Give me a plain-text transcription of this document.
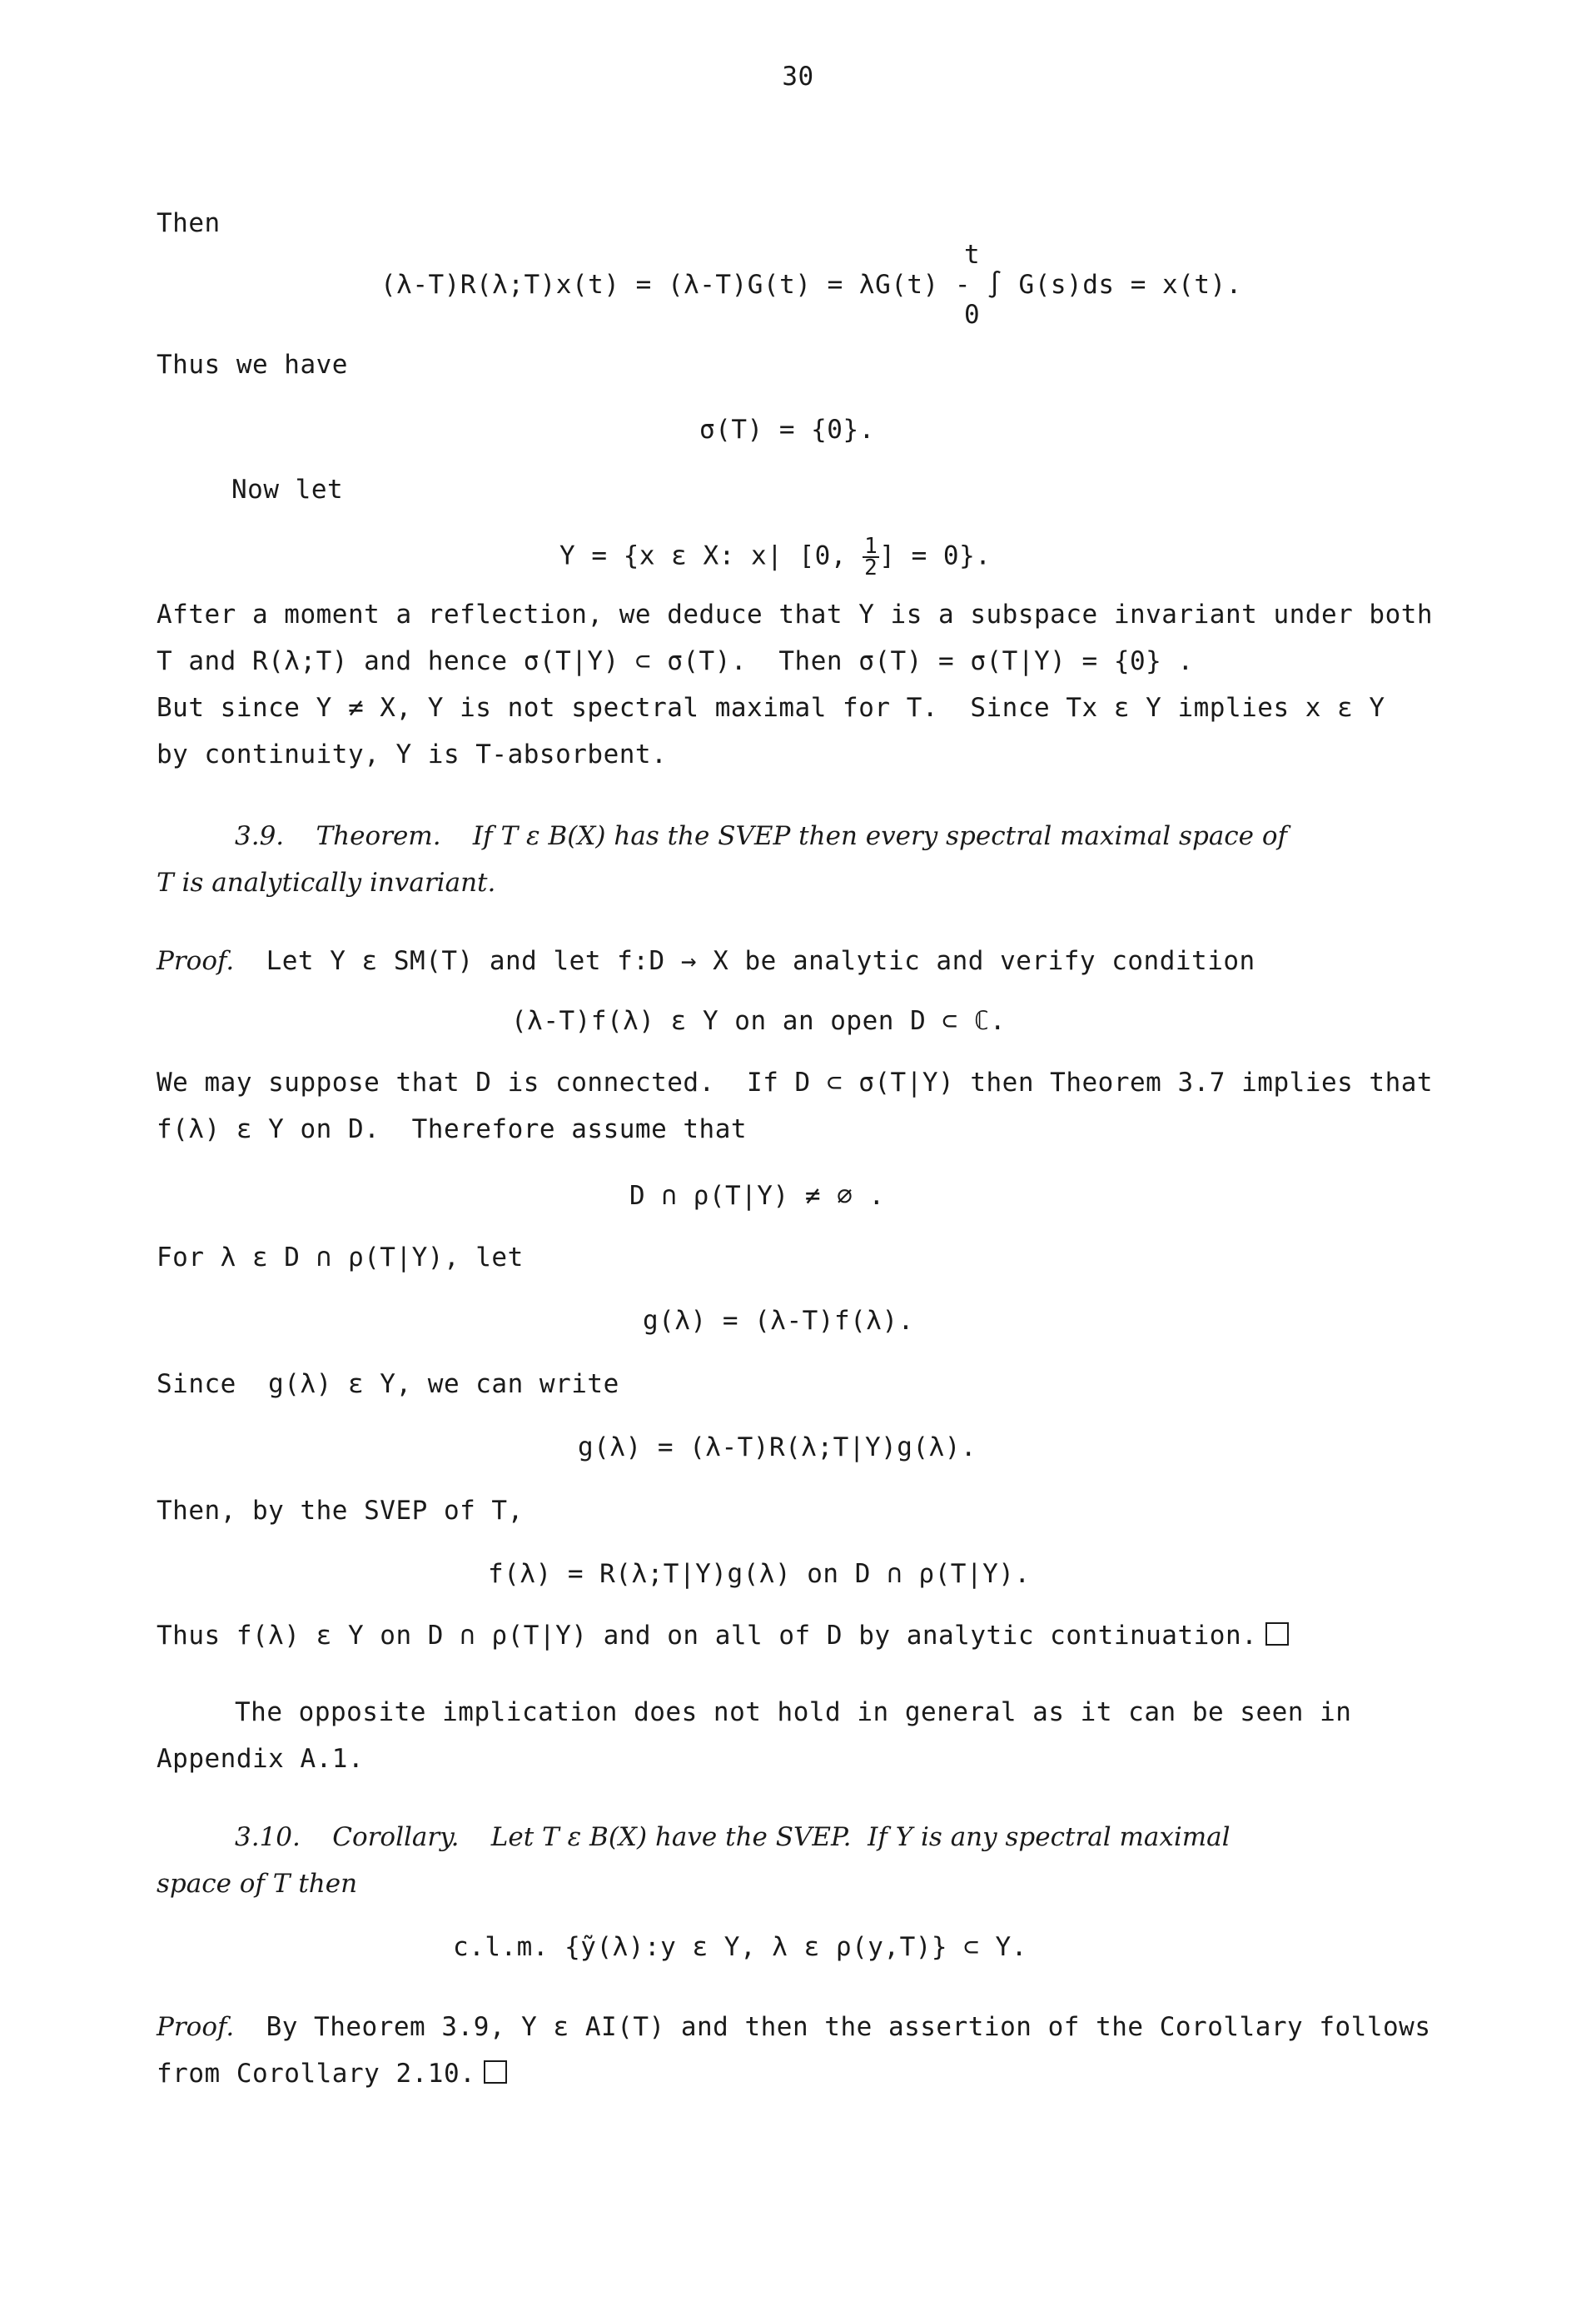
30
Then
t
(λ-T)R(λ;T)x(t) = (λ-T)G(t) = λG(t) - ∫ G(s)ds = x(t).
0
Thus we have
σ(T) = {0}.
Now let
Y = {x ε X: x| [0, $\frac{1}{2}$ ] = 0}.
After a moment a reflection, we deduce that Y is a subspace invariant under both
T and R(λ;T) and hence σ(T|Y) ⊂ σ(T).  Then σ(T) = σ(T|Y) = {0} .
But since Y ≠ X, Y is not spectral maximal for T.  Since Tx ε Y implies x ε Y
by continuity, Y is T-absorbent.
3.9. Theorem. If T ε B(X) has the SVEP then every spectral maximal space of
T is analytically invariant.
Proof. Let Y ε SM(T) and let f:D → X be analytic and verify condition
(λ-T)f(λ) ε Y on an open D ⊂ ℂ.
We may suppose that D is connected.  If D ⊂ σ(T|Y) then Theorem 3.7 implies that
f(λ) ε Y on D.  Therefore assume that
D ∩ ρ(T|Y) ≠ ∅ .
For λ ε D ∩ ρ(T|Y), let
g(λ) = (λ-T)f(λ).
Since  g(λ) ε Y, we can write
g(λ) = (λ-T)R(λ;T|Y)g(λ).
Then, by the SVEP of T,
f(λ) = R(λ;T|Y)g(λ) on D ∩ ρ(T|Y).
Thus f(λ) ε Y on D ∩ ρ(T|Y) and on all of D by analytic continuation.
The opposite implication does not hold in general as it can be seen in
Appendix A.1.
3.10. Corollary. Let T ε B(X) have the SVEP.  If Y is any spectral maximal
space of T then
c.l.m. {ỹ(λ):y ε Y, λ ε ρ(y,T)} ⊂ Y.
Proof. By Theorem 3.9, Y ε AI(T) and then the assertion of the Corollary follows
from Corollary 2.10.
